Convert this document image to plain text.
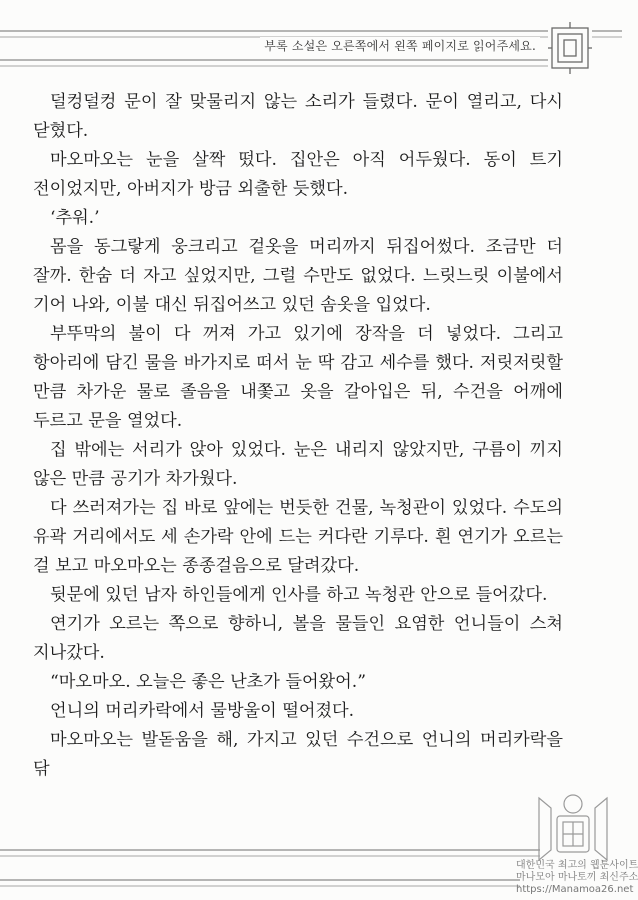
부록 소설은 오른쪽에서 왼쪽 페이지로 읽어주세요.

덜컹덜컹 문이 잘 맞물리지 않는 소리가 들렸다. 문이 열리고, 다시 닫혔다.

마오마오는 눈을 살짝 떴다. 집안은 아직 어두웠다. 동이 트기 전이었지만, 아버지가 방금 외출한 듯했다.

‘추워.’

몸을 동그랗게 웅크리고 겉옷을 머리까지 뒤집어썼다. 조금만 더 잘까. 한숨 더 자고 싶었지만, 그럴 수만도 없었다. 느릿느릿 이불에서 기어 나와, 이불 대신 뒤집어쓰고 있던 솜옷을 입었다.

부뚜막의 불이 다 꺼져 가고 있기에 장작을 더 넣었다. 그리고 항아리에 담긴 물을 바가지로 떠서 눈 딱 감고 세수를 했다. 저릿저릿할 만큼 차가운 물로 졸음을 내쫓고 옷을 갈아입은 뒤, 수건을 어깨에 두르고 문을 열었다.

집 밖에는 서리가 앉아 있었다. 눈은 내리지 않았지만, 구름이 끼지 않은 만큼 공기가 차가웠다.

다 쓰러져가는 집 바로 앞에는 번듯한 건물, 녹청관이 있었다. 수도의 유곽 거리에서도 세 손가락 안에 드는 커다란 기루다. 흰 연기가 오르는 걸 보고 마오마오는 종종걸음으로 달려갔다.

뒷문에 있던 남자 하인들에게 인사를 하고 녹청관 안으로 들어갔다.

연기가 오르는 쪽으로 향하니, 볼을 물들인 요염한 언니들이 스쳐 지나갔다.

“마오마오. 오늘은 좋은 난초가 들어왔어.”

언니의 머리카락에서 물방울이 떨어졌다.

마오마오는 발돋움을 해, 가지고 있던 수건으로 언니의 머리카락을 닦

대한민국 최고의 웹툰사이트
마나모아 마나토끼 최신주소
https://Manamoa26.net
